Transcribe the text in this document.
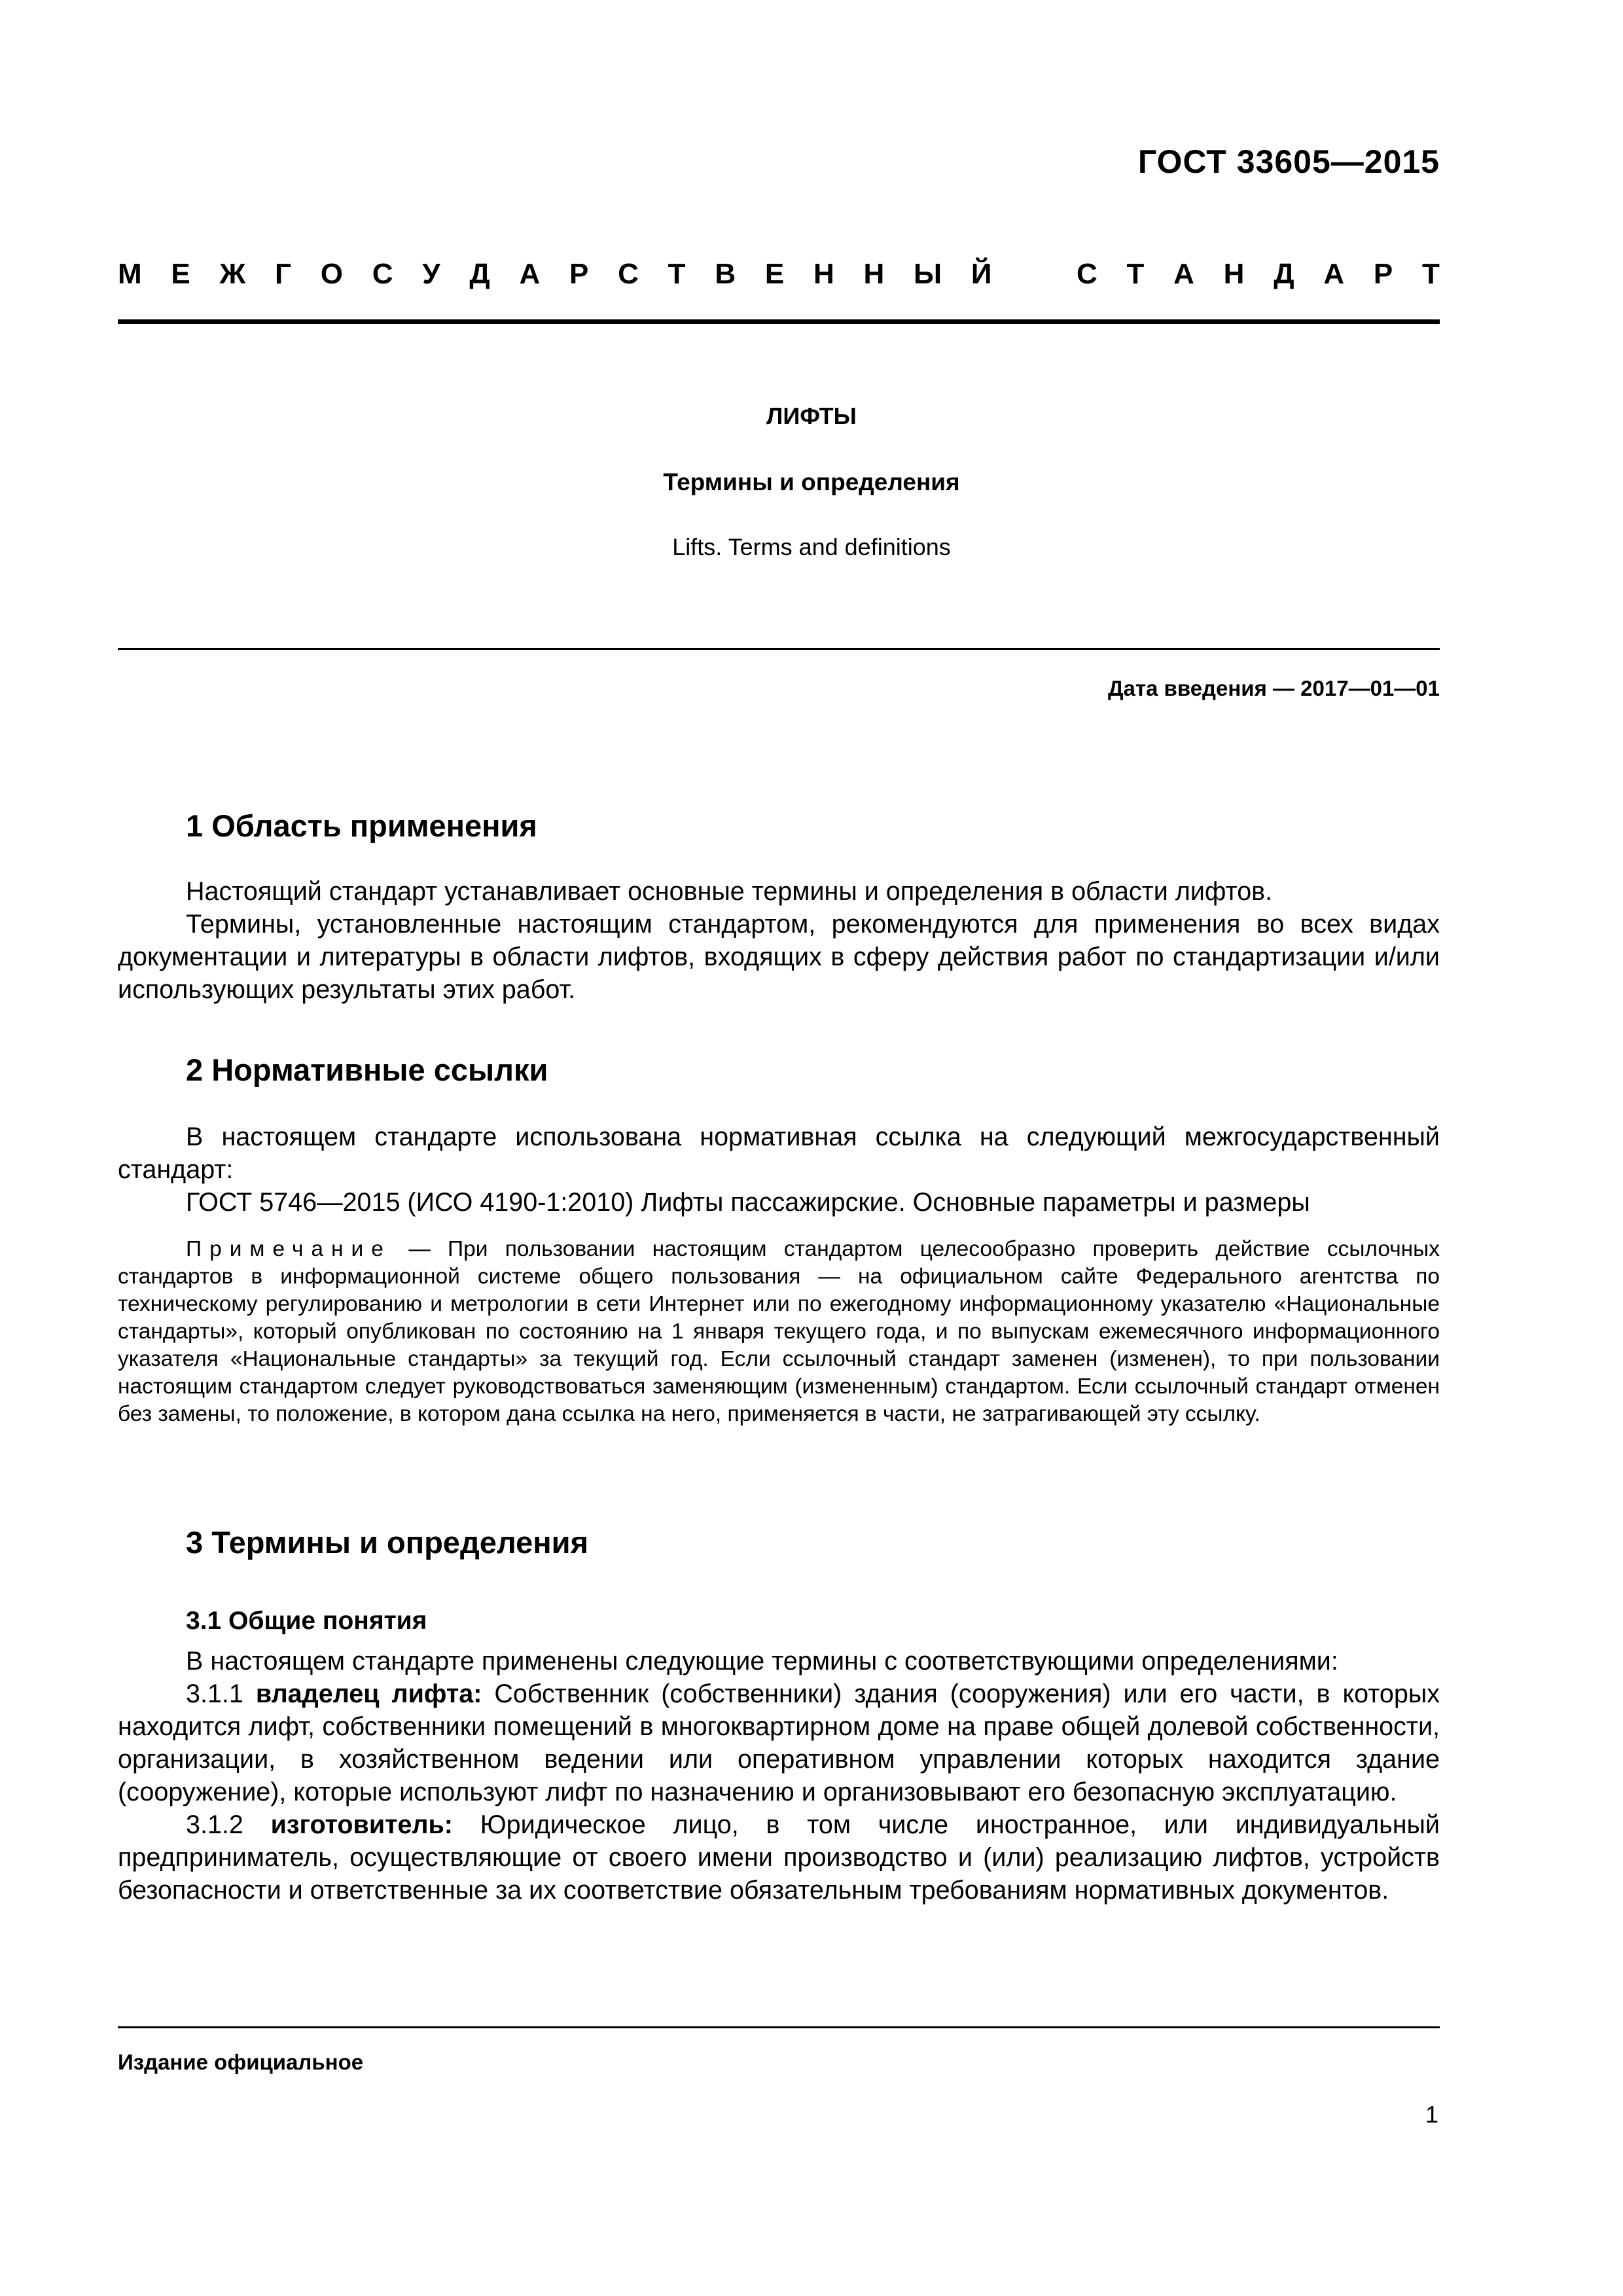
ГОСТ 33605—2015
М Е Ж Г О С У Д А Р С Т В Е Н Н Ы Й	С Т А Н Д А Р Т
ЛИФТЫ
Термины и определения
Lifts. Terms and definitions
Дата введения — 2017—01—01
1 Область применения

Настоящий стандарт устанавливает основные термины и определения в области лифтов.

Термины, установленные настоящим стандартом, рекомендуются для применения во всех видах документации и литературы в области лифтов, входящих в сферу действия работ по стандартизации и/или использующих результаты этих работ.

2 Нормативные ссылки

В настоящем стандарте использована нормативная ссылка на следующий межгосударственный стандарт:

ГОСТ 5746—2015 (ИСО 4190-1:2010) Лифты пассажирские. Основные параметры и размеры

Примечание — При пользовании настоящим стандартом целесообразно проверить действие ссылочных стандартов в информационной системе общего пользования — на официальном сайте Федерального агентства по техническому регулированию и метрологии в сети Интернет или по ежегодному информационному указателю «Национальные стандарты», который опубликован по состоянию на 1 января текущего года, и по выпускам ежемесячного информационного указателя «Национальные стандарты» за текущий год. Если ссылочный стандарт заменен (изменен), то при пользовании настоящим стандартом следует руководствоваться заменяющим (измененным) стандартом. Если ссылочный стандарт отменен без замены, то положение, в котором дана ссылка на него, применяется в части, не затрагивающей эту ссылку.

3 Термины и определения
3.1 Общие понятия

В настоящем стандарте применены следующие термины с соответствующими определениями:

3.1.1 владелец лифта: Собственник (собственники) здания (сооружения) или его части, в которых находится лифт, собственники помещений в многоквартирном доме на праве общей долевой собственности, организации, в хозяйственном ведении или оперативном управлении которых находится здание (сооружение), которые используют лифт по назначению и организовывают его безопасную эксплуатацию.

3.1.2 изготовитель: Юридическое лицо, в том числе иностранное, или индивидуальный предприниматель, осуществляющие от своего имени производство и (или) реализацию лифтов, устройств безопасности и ответственные за их соответствие обязательным требованиям нормативных документов.

Издание официальное
1
